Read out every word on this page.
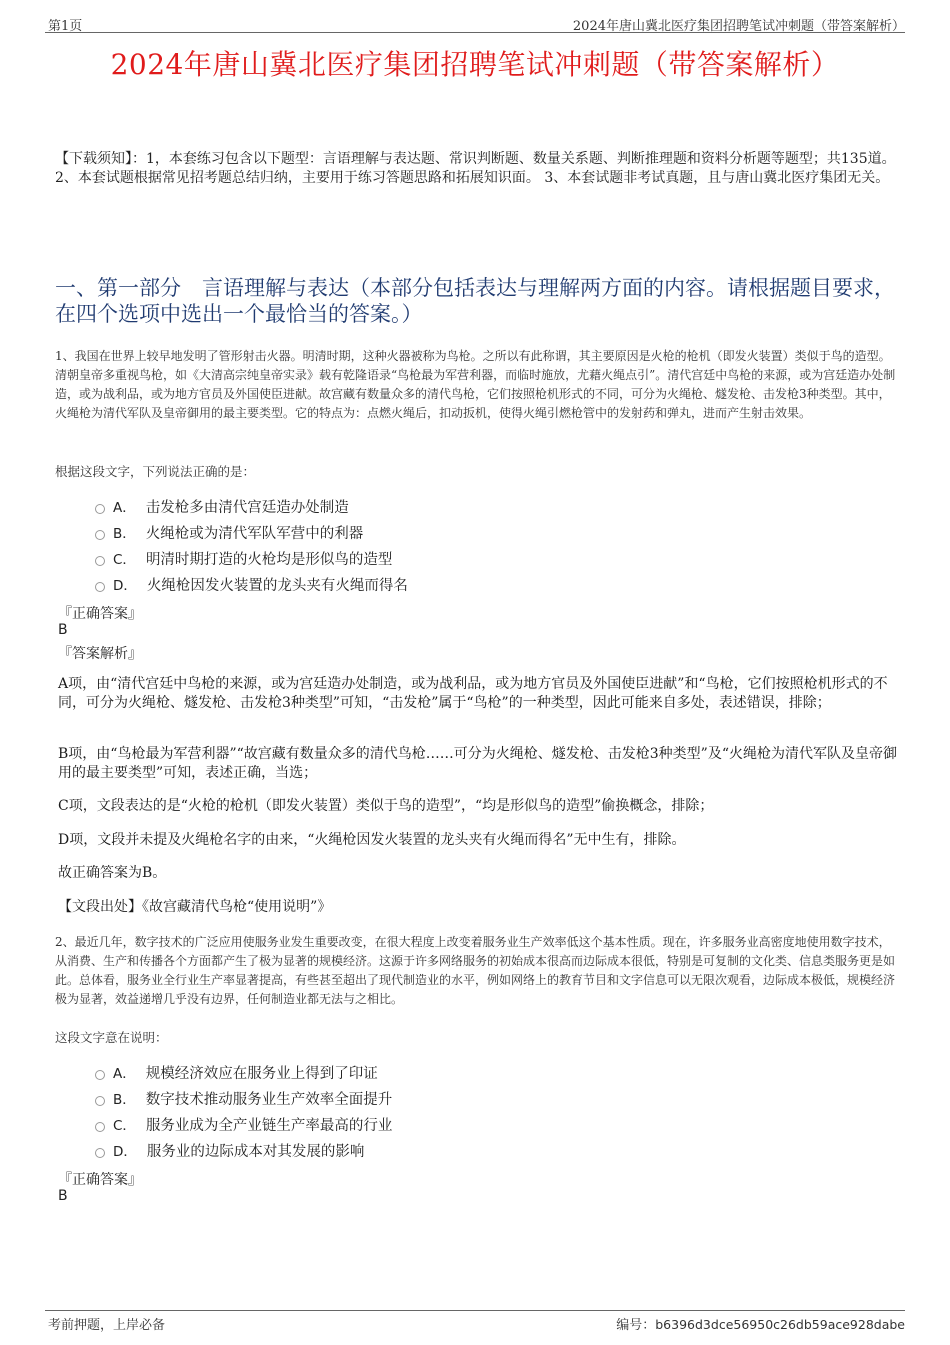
第1页	2024年唐山冀北医疗集团招聘笔试冲刺题（带答案解析）
2024年唐山冀北医疗集团招聘笔试冲刺题（带答案解析）
【下载须知】：1，本套练习包含以下题型：言语理解与表达题、常识判断题、数量关系题、判断推理题和资料分析题等题型；共135道。 2、本套试题根据常见招考题总结归纳，主要用于练习答题思路和拓展知识面。 3、本套试题非考试真题，且与唐山冀北医疗集团无关。
一、第一部分　言语理解与表达（本部分包括表达与理解两方面的内容。请根据题目要求，在四个选项中选出一个最恰当的答案。）
1、我国在世界上较早地发明了管形射击火器。明清时期，这种火器被称为鸟枪。之所以有此称谓，其主要原因是火枪的枪机（即发火装置）类似于鸟的造型。清朝皇帝多重视鸟枪，如《大清高宗纯皇帝实录》载有乾隆语录“鸟枪最为军营利器，而临时施放，尤藉火绳点引”。清代宫廷中鸟枪的来源，或为宫廷造办处制造，或为战利品，或为地方官员及外国使臣进献。故宫藏有数量众多的清代鸟枪，它们按照枪机形式的不同，可分为火绳枪、燧发枪、击发枪3种类型。其中，火绳枪为清代军队及皇帝御用的最主要类型。它的特点为：点燃火绳后，扣动扳机，使得火绳引燃枪管中的发射药和弹丸，进而产生射击效果。
根据这段文字，下列说法正确的是：
A． 击发枪多由清代宫廷造办处制造
B． 火绳枪或为清代军队军营中的利器
C． 明清时期打造的火枪均是形似鸟的造型
D． 火绳枪因发火装置的龙头夹有火绳而得名
『正确答案』
B
『答案解析』
A项，由“清代宫廷中鸟枪的来源，或为宫廷造办处制造，或为战利品，或为地方官员及外国使臣进献”和“鸟枪，它们按照枪机形式的不同，可分为火绳枪、燧发枪、击发枪3种类型”可知，“击发枪”属于“鸟枪”的一种类型，因此可能来自多处，表述错误，排除；
B项，由“鸟枪最为军营利器”“故宫藏有数量众多的清代鸟枪……可分为火绳枪、燧发枪、击发枪3种类型”及“火绳枪为清代军队及皇帝御用的最主要类型”可知，表述正确，当选；
C项，文段表达的是“火枪的枪机（即发火装置）类似于鸟的造型”，“均是形似鸟的造型”偷换概念，排除；
D项，文段并未提及火绳枪名字的由来，“火绳枪因发火装置的龙头夹有火绳而得名”无中生有，排除。
故正确答案为B。
【文段出处】《故宫藏清代鸟枪“使用说明”》
2、最近几年，数字技术的广泛应用使服务业发生重要改变，在很大程度上改变着服务业生产效率低这个基本性质。现在，许多服务业高密度地使用数字技术，从消费、生产和传播各个方面都产生了极为显著的规模经济。这源于许多网络服务的初始成本很高而边际成本很低，特别是可复制的文化类、信息类服务更是如此。总体看，服务业全行业生产率显著提高，有些甚至超出了现代制造业的水平，例如网络上的教育节目和文字信息可以无限次观看，边际成本极低，规模经济极为显著，效益递增几乎没有边界，任何制造业都无法与之相比。
这段文字意在说明：
A． 规模经济效应在服务业上得到了印证
B． 数字技术推动服务业生产效率全面提升
C． 服务业成为全产业链生产率最高的行业
D． 服务业的边际成本对其发展的影响
『正确答案』
B
考前押题，上岸必备	编号：b6396d3dce56950c26db59ace928dabe
